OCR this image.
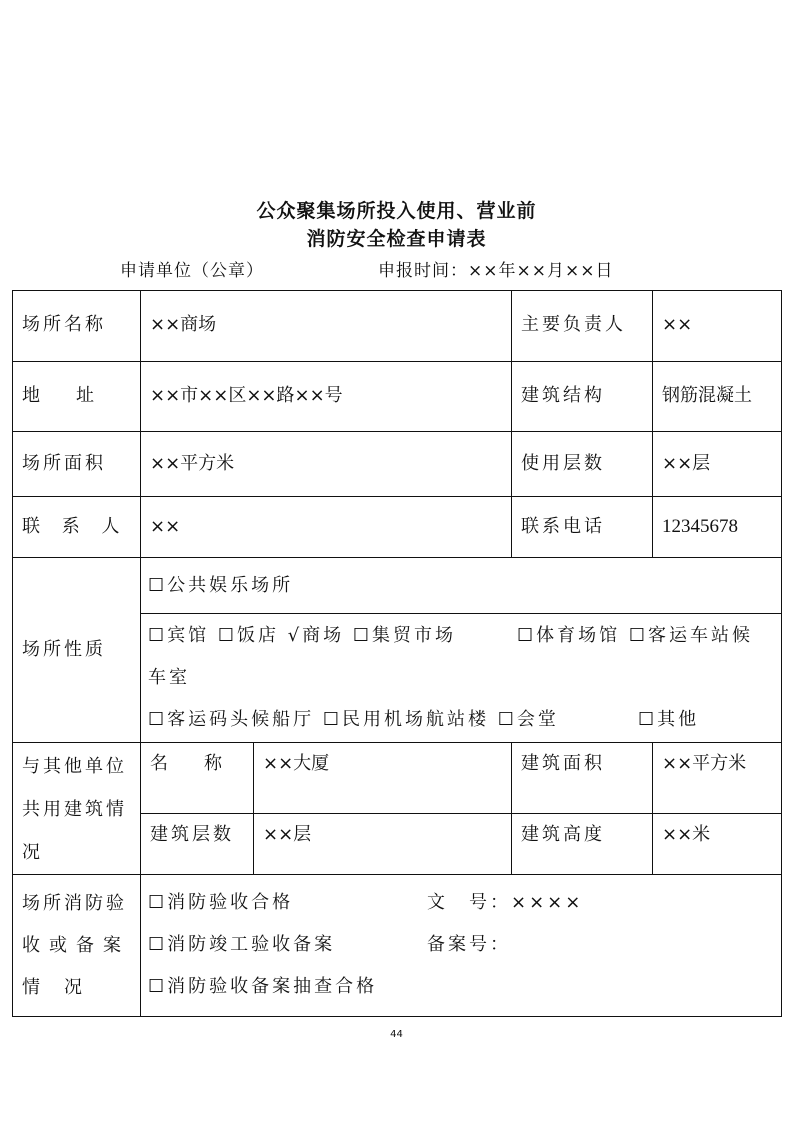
公众聚集场所投入使用、营业前
消防安全检查申请表
申请单位（公章）	申报时间：××年××月××日
场所名称 ××商场	主要负责人 ××
地　　址	××市××区××路××号	建筑结构	钢筋混凝土
场所面积 ××平方米	使用层数	××层
联 系 人 ××	联系电话	12345678
场所性质
☐公共娱乐场所
☐宾馆 ☐饭店 √商场 ☐集贸市场	☐体育场馆 ☐客运车站候
车室
☐客运码头候船厅 ☐民用机场航站楼 ☐会堂	☐其他
与其他单位
共用建筑情
况
名　　称 ××大厦	建筑面积	××平方米
建筑层数 ××层	建筑高度	××米
场所消防验
收或备案
情　况
☐消防验收合格	文　号：××××
☐消防竣工验收备案	备案号：
☐消防验收备案抽查合格
44
